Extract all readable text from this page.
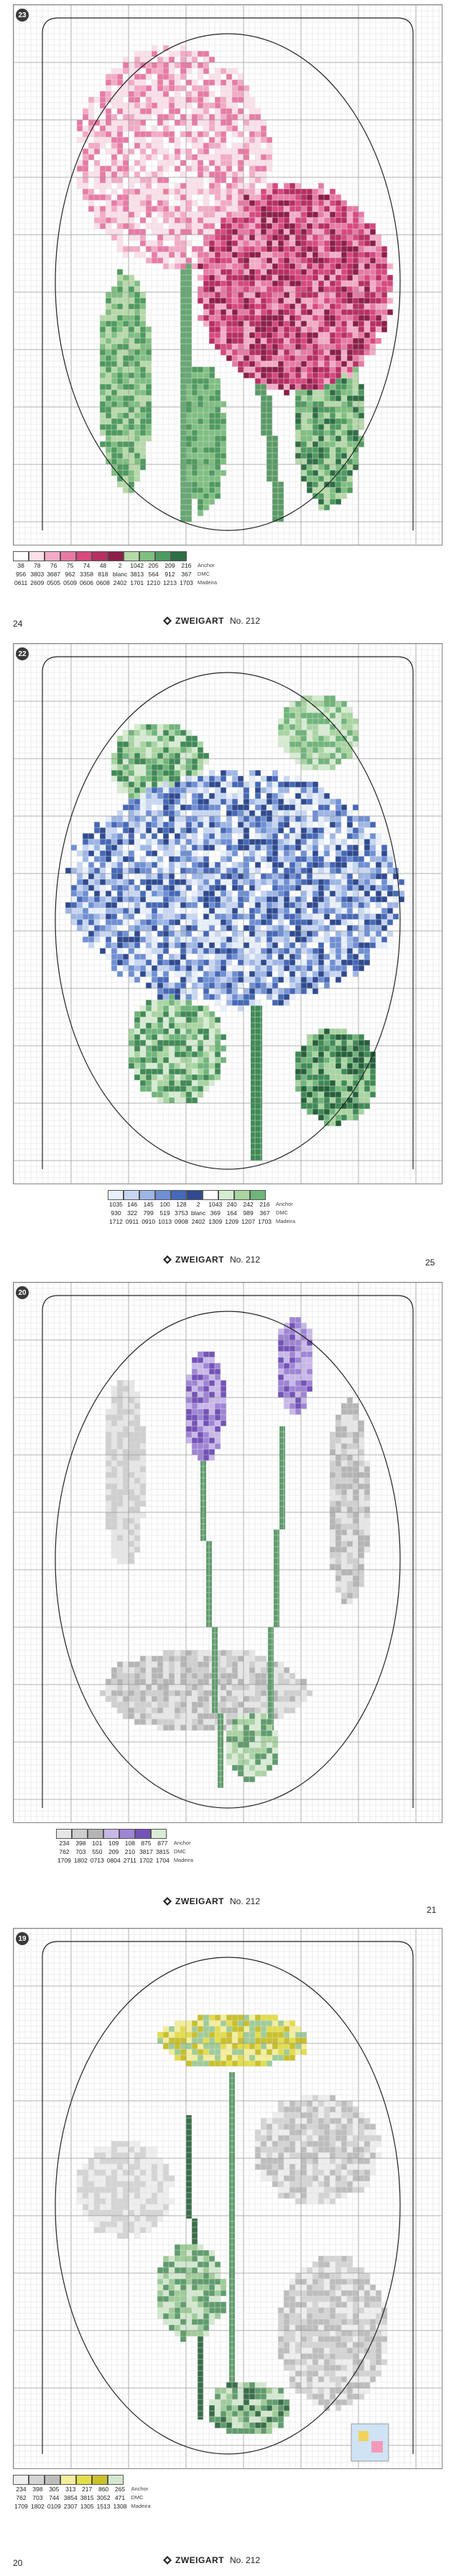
23
38	78	76	75	74	48	2	1042	205	209	216	Anchor
956	3803	3687	962	3358	818	blanc	3813	564	912	367	DMC
0611	2609	0505	0509	0606	0608	2402	1701	1210	1213	1703	Madeira
24	ZWEIGART No. 212
22
1035	146	145	100	128	2	1043	240	242	216	Anchor
930	322	799	519	3753	blanc	369	164	989	367	DMC
1712	0911	0910	1013	0908	2402	1309	1209	1207	1703	Madeira
ZWEIGART No. 212	25
20
234	398	101	109	108	875	877	Anchor
762	703	550	209	210	3817	3815	DMC
1709	1802	0713	0804	2711	1702	1704	Madeira
ZWEIGART No. 212
21
19
234	398	305	313	217	860	265	Anchor
762	703	744	3854	3815	3052	471	DMC
1709	1802	0109	2307	1305	1513	1308	Madeira
20	ZWEIGART No. 212
